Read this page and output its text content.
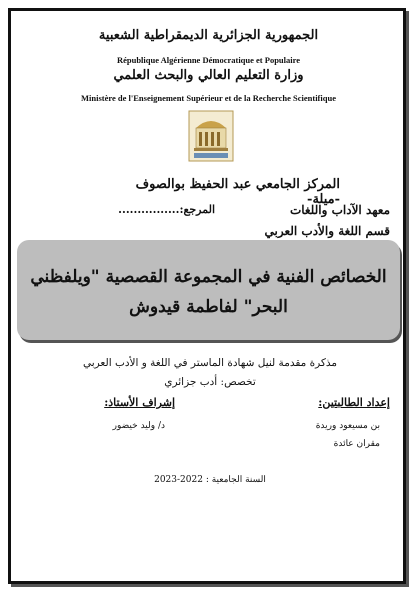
الجمهورية الجزائرية الديمقراطية الشعبية
République Algérienne Démocratique et Populaire
وزارة التعليم العالي والبحث العلمي
Ministère de l'Enseignement Supérieur et de la Recherche Scientifique
المركز الجامعي عبد الحفيظ بوالصوف -ميلة-
معهد الآداب واللغات
المرجع:................
قسم اللغة والأدب العربي
الخصائص الفنية في المجموعة القصصية "ويلفظني البحر" لفاطمة قيدوش
مذكرة مقدمة لنيل شهادة الماستر في اللغة و الأدب العربي
تخصص: أدب جزائري
إعداد الطالبتين:
بن مسيعود وريدة
مقران عائدة
إشراف الأستاذ:
د/ وليد خيضور
السنة الجامعية : 2022-2023
